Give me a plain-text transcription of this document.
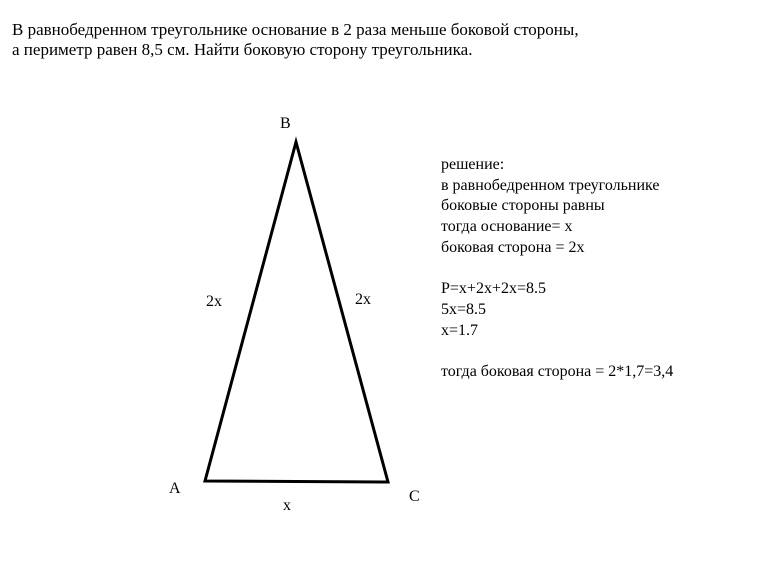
В равнобедренном треугольнике основание в 2 раза меньше боковой стороны,
а периметр равен 8,5 см. Найти боковую сторону треугольника.
B
A	C
2x	2x
x
решение:
в равнобедренном треугольнике
боковые стороны равны
тогда основание= x
боковая сторона = 2x
P=x+2x+2x=8.5
5x=8.5
x=1.7
тогда боковая сторона = 2*1,7=3,4
